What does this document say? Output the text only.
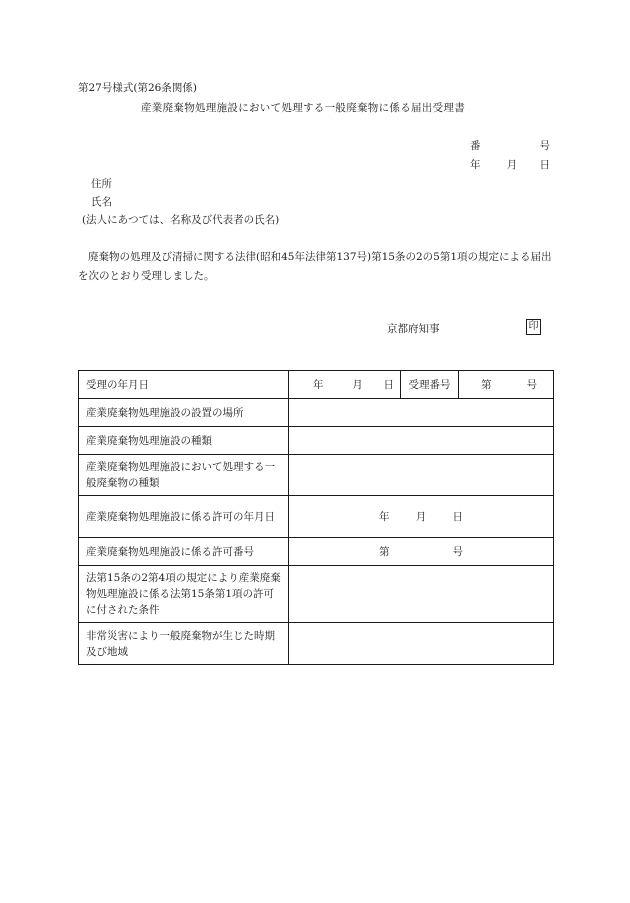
第27号様式(第26条関係)
産業廃棄物処理施設において処理する一般廃棄物に係る届出受理書
番	号
年	月 日
住所
氏名
(法人にあつては、名称及び代表者の氏名)
廃棄物の処理及び清掃に関する法律(昭和45年法律第137号)第15条の2の5第1項の規定による届出を次のとおり受理しました。
京都府知事	印
受理の年月日	年 月 日	受理番号	第 号

産業廃棄物処理施設の設置の場所			
産業廃棄物処理施設の種類			
産業廃棄物処理施設において処理する一般廃棄物の種類			
産業廃棄物処理施設に係る許可の年月日	年 月 日		

産業廃棄物処理施設に係る許可番号	第 号		

法第15条の2第4項の規定により産業廃棄物処理施設に係る法第15条第1項の許可に付された条件			
非常災害により一般廃棄物が生じた時期及び地域			
